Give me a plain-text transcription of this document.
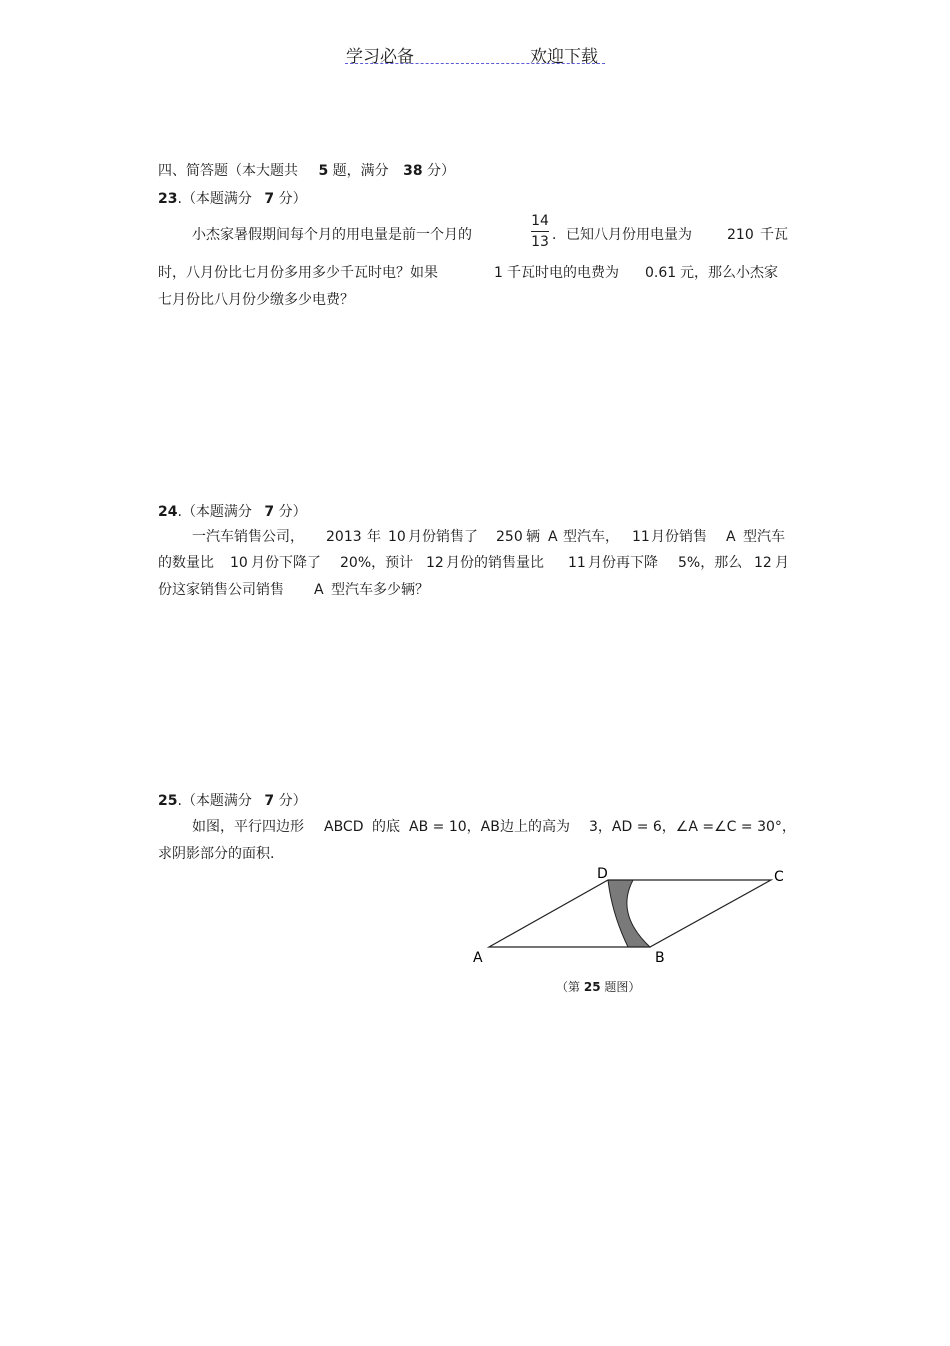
学习必备	欢迎下载
四、简答题（本大题共 5 题，满分 38 分）
23.（本题满分 7 分）
小杰家暑假期间每个月的用电量是前一个月的
14
13 ．已知八月份用电量为	210 千瓦
时，八月份比七月份多用多少千瓦时电？如果	1 千瓦时电的电费为 0.61 元，那么小杰家
七月份比八月份少缴多少电费？
24.（本题满分 7 分）
一汽车销售公司， 2013 年 10 月份销售了 250 辆 A 型汽车， 11 月份销售 A 型汽车
的数量比 10 月份下降了 20%，预计 12 月份的销售量比 11 月份再下降 5%，那么 12 月
份这家销售公司销售 A 型汽车多少辆？
25.（本题满分 7 分）
如图，平行四边形 ABCD 的底 AB = 10，AB 边上的高为 3，AD = 6，∠A =∠C = 30°，
求阴影部分的面积.
A	B
C
D
（第 25 题图）
